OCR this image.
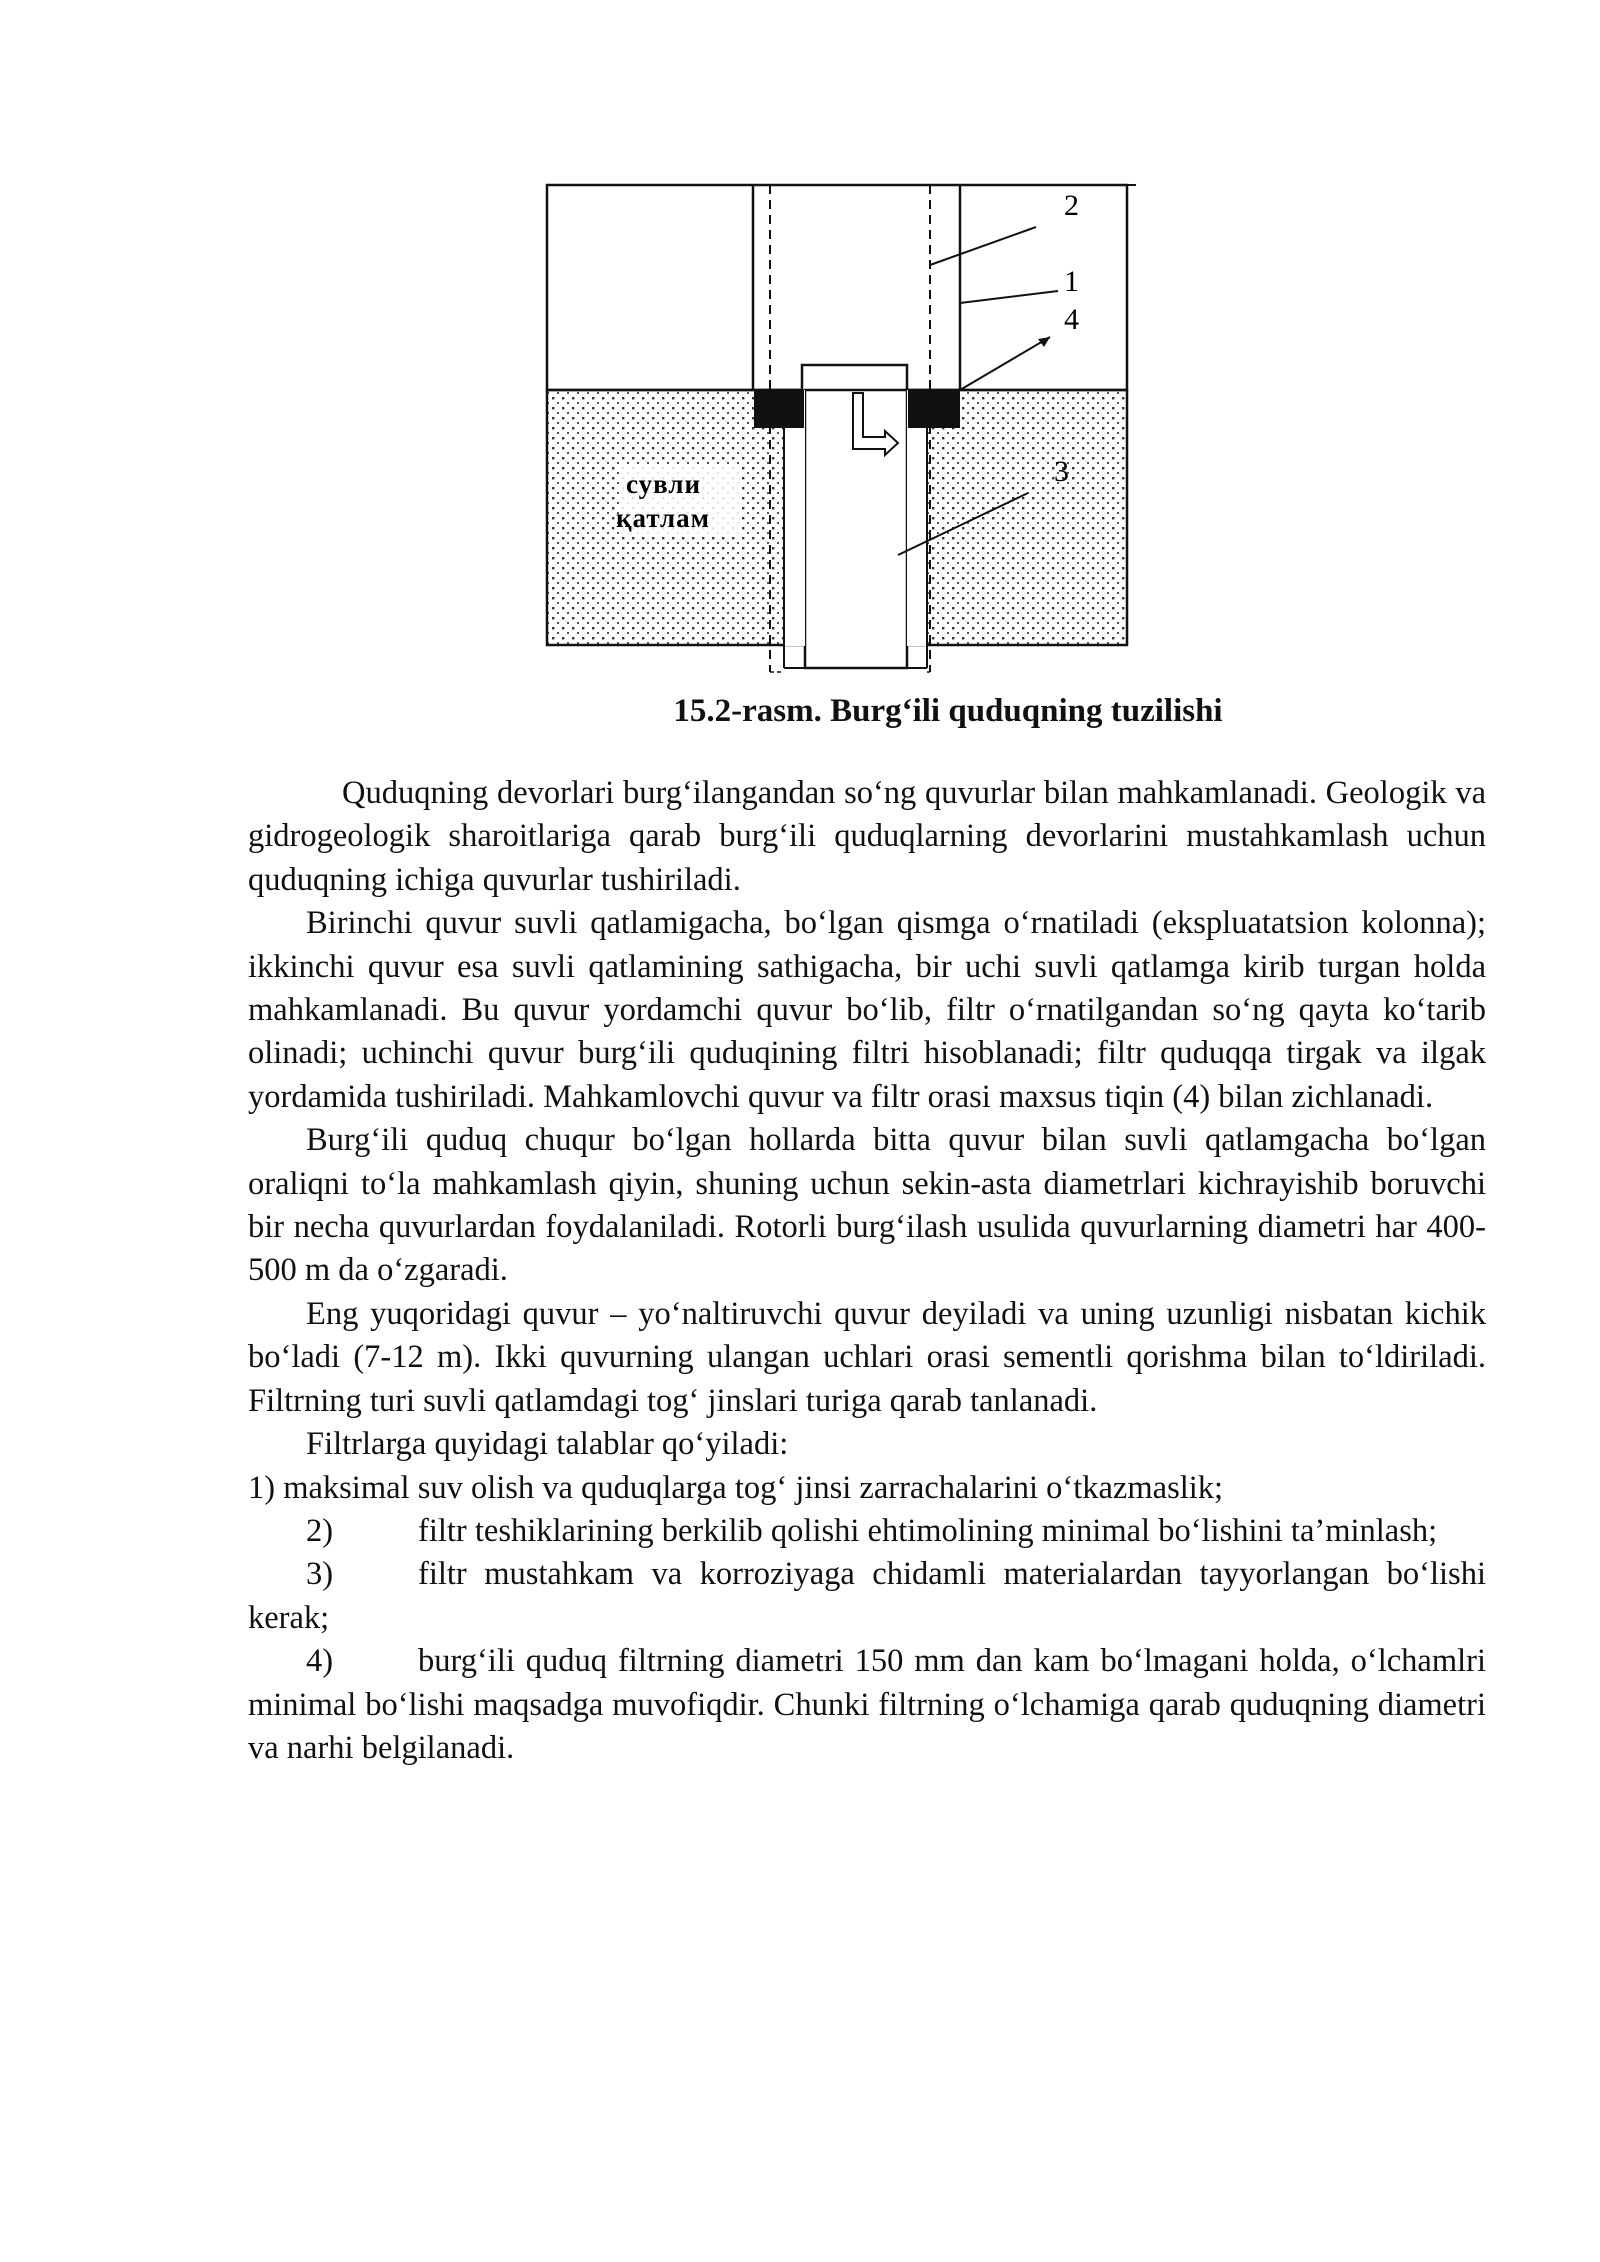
2
1
4
3
сувли
қатлам
15.2-rasm. Burg‘ili quduqning tuzilishi

Quduqning devorlari burg‘ilangandan so‘ng quvurlar bilan mahkamlanadi. Geologik va gidrogeologik sharoitlariga qarab burg‘ili quduqlarning devorlarini mustahkamlash uchun quduqning ichiga quvurlar tushiriladi.

Birinchi quvur suvli qatlamigacha, bo‘lgan qismga o‘rnatiladi (ekspluatatsion kolonna); ikkinchi quvur esa suvli qatlamining sathigacha, bir uchi suvli qatlamga kirib turgan holda mahkamlanadi. Bu quvur yordamchi quvur bo‘lib, filtr o‘rnatilgandan so‘ng qayta ko‘tarib olinadi; uchinchi quvur burg‘ili quduqining filtri hisoblanadi; filtr quduqqa tirgak va ilgak yordamida tushiriladi. Mahkamlovchi quvur va filtr orasi maxsus tiqin (4) bilan zichlanadi.

Burg‘ili quduq chuqur bo‘lgan hollarda bitta quvur bilan suvli qatlamgacha bo‘lgan oraliqni to‘la mahkamlash qiyin, shuning uchun sekin-asta diametrlari kichrayishib boruvchi bir necha quvurlardan foydalaniladi. Rotorli burg‘ilash usulida quvurlarning diametri har 400-500 m da o‘zgaradi.

Eng yuqoridagi quvur – yo‘naltiruvchi quvur deyiladi va uning uzunligi nisbatan kichik bo‘ladi (7-12 m). Ikki quvurning ulangan uchlari orasi sementli qorishma bilan to‘ldiriladi. Filtrning turi suvli qatlamdagi tog‘ jinslari turiga qarab tanlanadi.

Filtrlarga quyidagi talablar qo‘yiladi:

1) maksimal suv olish va quduqlarga tog‘ jinsi zarrachalarini o‘tkazmaslik;

2)	filtr teshiklarining berkilib qolishi ehtimolining minimal bo‘lishini ta’minlash;

3)	filtr mustahkam va korroziyaga chidamli materialardan tayyorlangan bo‘lishi kerak;

4)	burg‘ili quduq filtrning diametri 150 mm dan kam bo‘lmagani holda, o‘lchamlri minimal bo‘lishi maqsadga muvofiqdir. Chunki filtrning o‘lchamiga qarab quduqning diametri va narhi belgilanadi.
